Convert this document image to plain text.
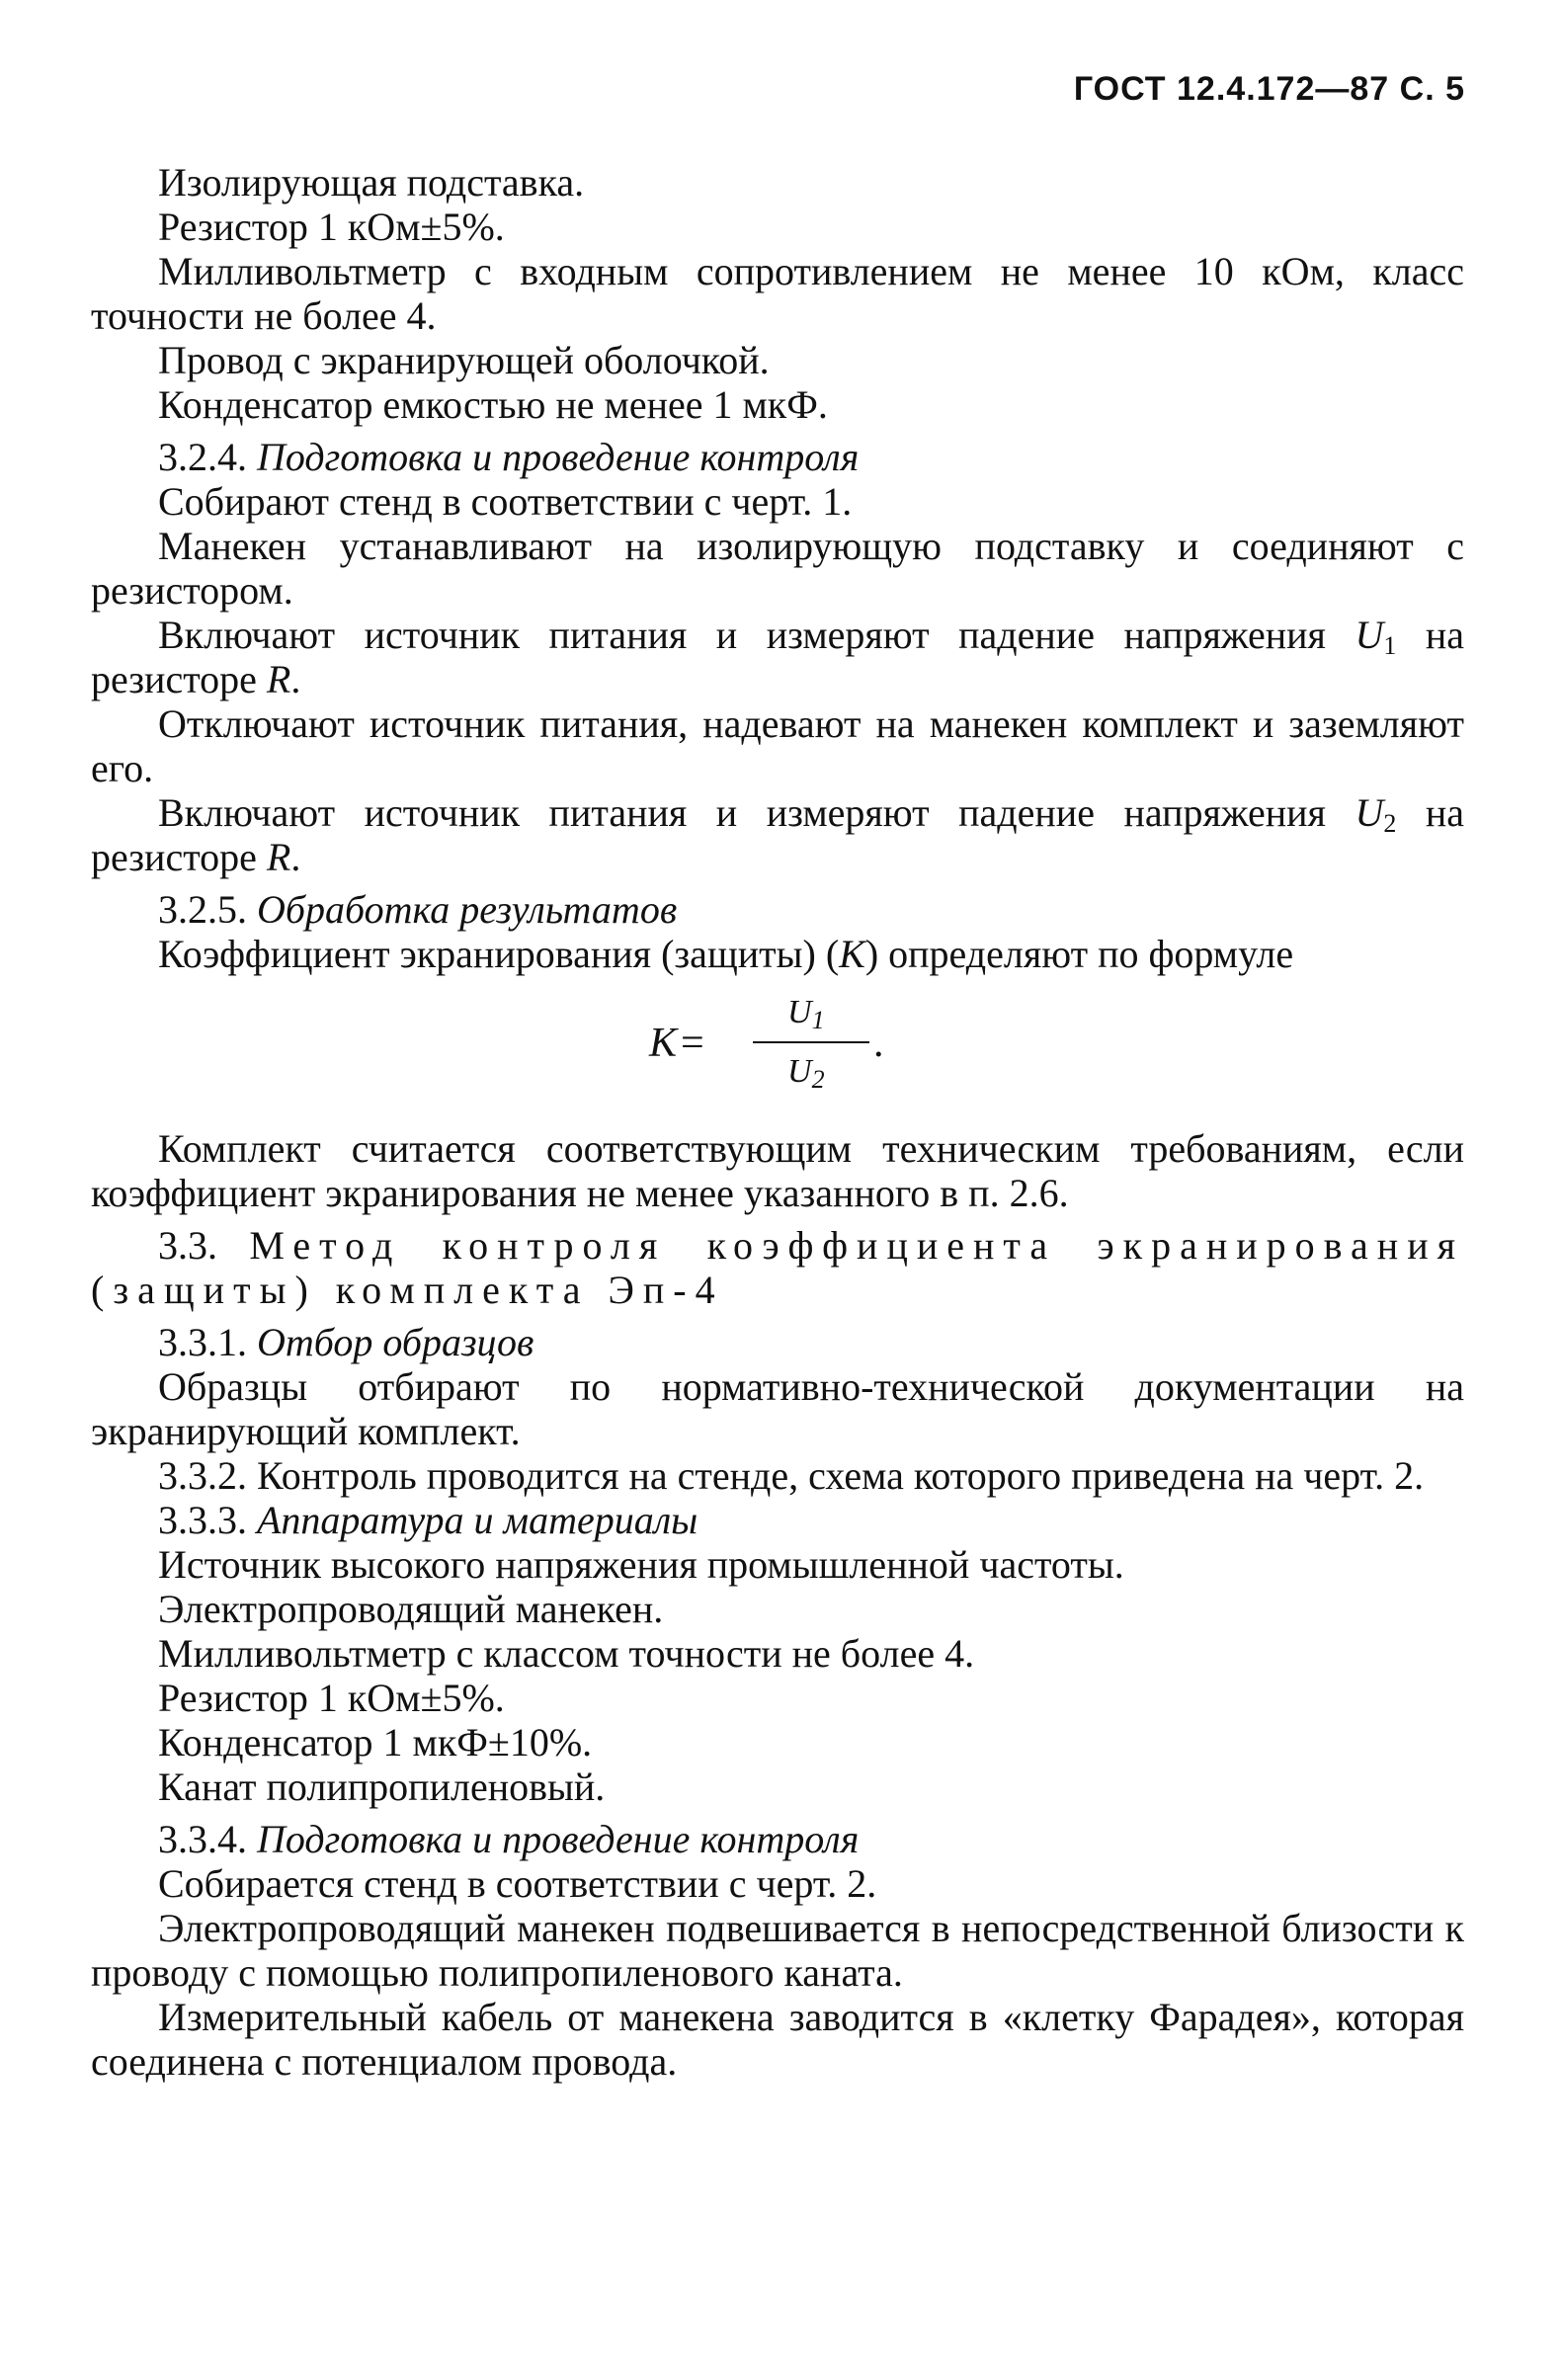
ГОСТ 12.4.172—87 С. 5

Изолирующая подставка.

Резистор 1 кОм±5%.

Милливольтметр с входным сопротивлением не менее 10 кОм, класс точности не более 4.

Провод с экранирующей оболочкой.

Конденсатор емкостью не менее 1 мкФ.

3.2.4. Подготовка и проведение контроля

Собирают стенд в соответствии с черт. 1.

Манекен устанавливают на изолирующую подставку и соединяют с резистором.

Включают источник питания и измеряют падение напряжения $U_1$ на резисторе R.

Отключают источник питания, надевают на манекен комплект и заземляют его.

Включают источник питания и измеряют падение напряжения $U_2$ на резисторе R.

3.2.5. Обработка результатов

Коэффициент экранирования (защиты) (K) определяют по формуле

K =
$U_1$
$U_2$
.

Комплект считается соответствующим техническим требованиям, если коэффициент экранирования не менее указанного в п. 2.6.

3.3. Метод контроля коэффициента экранирования (защиты) комплекта Эп-4

3.3.1. Отбор образцов

Образцы отбирают по нормативно-технической документации на экранирующий комплект.

3.3.2. Контроль проводится на стенде, схема которого приведена на черт. 2.

3.3.3. Аппаратура и материалы

Источник высокого напряжения промышленной частоты.

Электропроводящий манекен.

Милливольтметр с классом точности не более 4.

Резистор 1 кОм±5%.

Конденсатор 1 мкФ±10%.

Канат полипропиленовый.

3.3.4. Подготовка и проведение контроля

Собирается стенд в соответствии с черт. 2.

Электропроводящий манекен подвешивается в непосредственной близости к проводу с помощью полипропиленового каната.

Измерительный кабель от манекена заводится в «клетку Фарадея», которая соединена с потенциалом провода.
